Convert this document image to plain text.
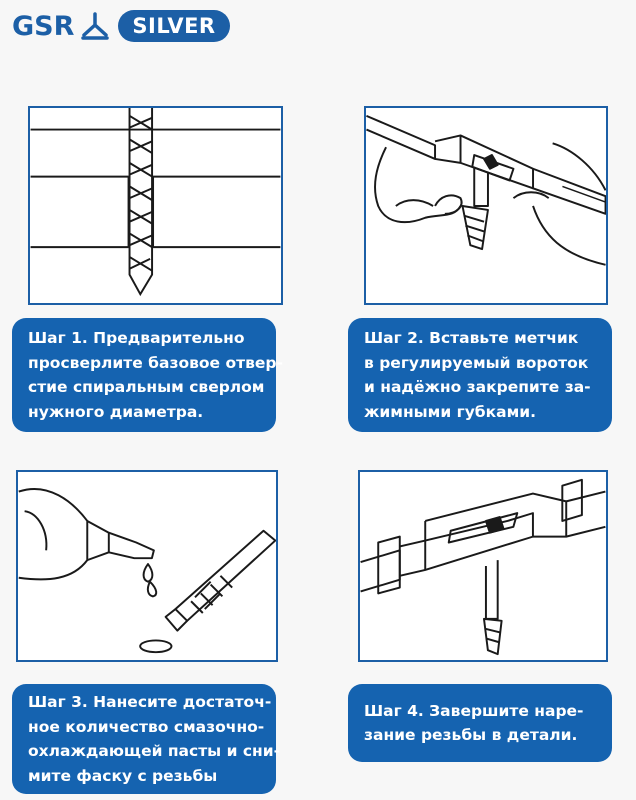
GSR	SILVER

Шаг 1. Предварительно
просверлите базовое отвер-
стие спиральным сверлом
нужного диаметра.

Шаг 2. Вставьте метчик
в регулируемый вороток
и надёжно закрепите за-
жимными губками.

Шаг 3. Нанесите достаточ-
ное количество смазочно-
охлаждающей пасты и сни-
мите фаску с резьбы

Шаг 4. Завершите наре-
зание резьбы в детали.
